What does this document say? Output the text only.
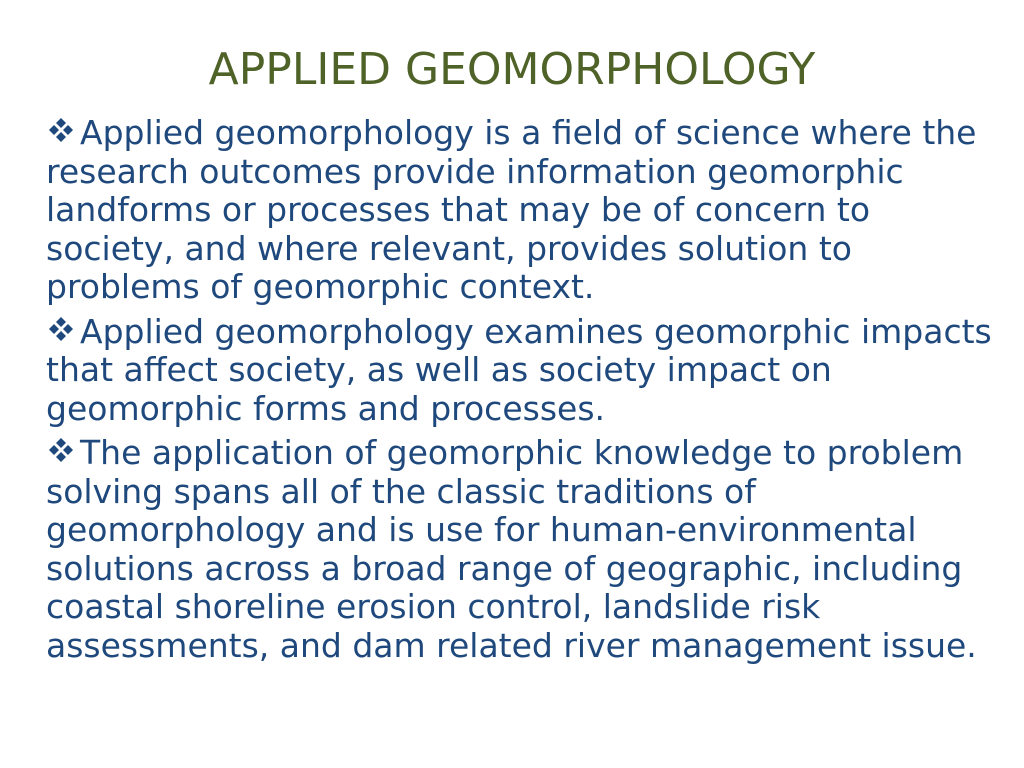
APPLIED GEOMORPHOLOGY

Applied geomorphology is a field of science where the research outcomes provide information geomorphic landforms or processes that may be of concern to society, and where relevant, provides solution to problems of geomorphic context.

Applied geomorphology examines geomorphic impacts that affect society, as well as society impact on geomorphic forms and processes.

The application of geomorphic knowledge to problem solving spans all of the classic traditions of geomorphology and is use for human-environmental solutions across a broad range of geographic, including coastal shoreline erosion control, landslide risk assessments, and dam related river management issue.
